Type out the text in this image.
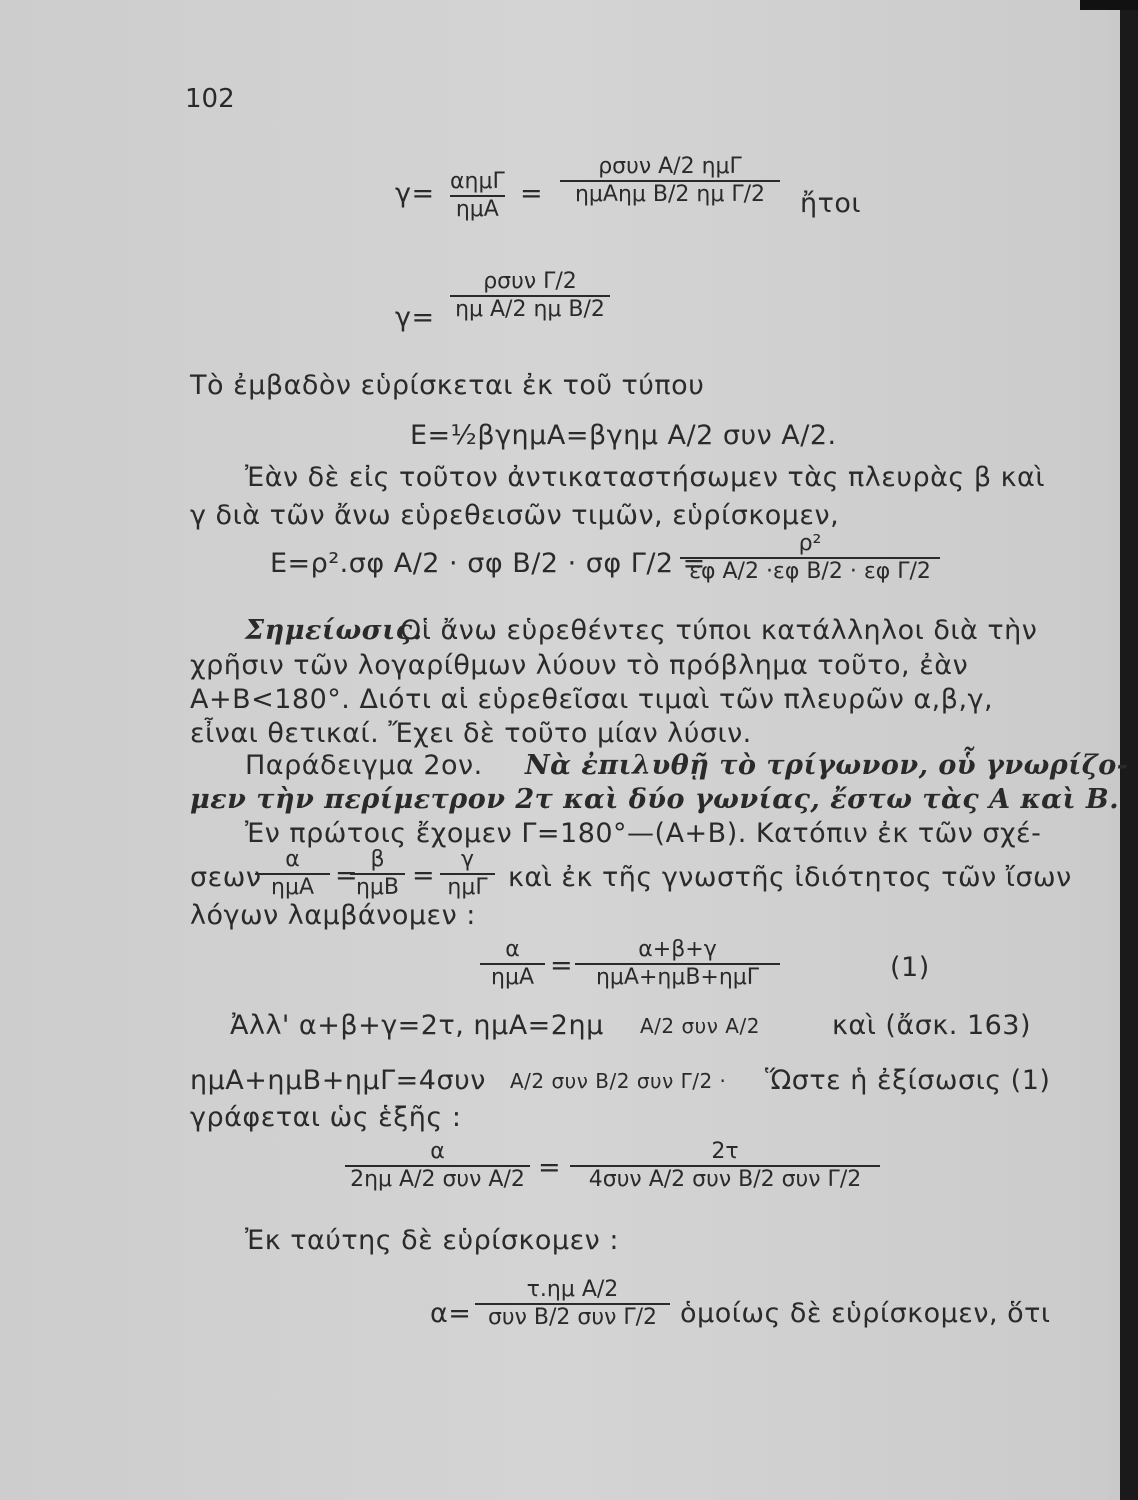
102
γ= αημΓ
ημΑ
=
ρσυν A/2 ημΓ
ημΑημ B/2 ημ Γ/2	ἤτοι
γ=
ρσυν Γ/2
ημ A/2 ημ B/2
Τὸ ἐμβαδὸν εὑρίσκεται ἐκ τοῦ τύπου
Ε=½βγημΑ=βγημ A/2 συν A/2.
Ἐὰν δὲ εἰς τοῦτον ἀντικαταστήσωμεν τὰς πλευρὰς β καὶ
γ διὰ τῶν ἄνω εὑρεθεισῶν τιμῶν, εὑρίσκομεν,
Ε=ρ².σφ A/2 · σφ B/2 · σφ Γ/2 =
ρ²
εφ A/2 ·εφ B/2 · εφ Γ/2
Σημείωσις.
Οἱ ἄνω εὑρεθέντες τύποι κατάλληλοι διὰ τὴν
χρῆσιν τῶν λογαρίθμων λύουν τὸ πρόβλημα τοῦτο, ἐὰν
Α+Β<180°. Διότι αἱ εὑρεθεῖσαι τιμαὶ τῶν πλευρῶν α,β,γ,
εἶναι θετικαί. Ἔχει δὲ τοῦτο μίαν λύσιν.
Παράδειγμα 2ον. Νὰ ἐπιλυθῇ τὸ τρίγωνον, οὗ γνωρίζο-
μεν τὴν περίμετρον 2τ καὶ δύο γωνίας, ἔστω τὰς Α καὶ Β.
Ἐν πρώτοις ἔχομεν Γ=180°—(Α+Β). Κατόπιν ἐκ τῶν σχέ-
σεων
α
ημΑ =
β
ημΒ =
γ
ημΓ καὶ ἐκ τῆς γνωστῆς ἰδιότητος τῶν ἴσων
λόγων λαμβάνομεν :
α
ημΑ =
α+β+γ
ημΑ+ημΒ+ημΓ	(1)
Ἀλλ' α+β+γ=2τ, ημΑ=2ημ A/2 συν A/2	καὶ (ἄσκ. 163)
ημΑ+ημΒ+ημΓ=4συν A/2 συν B/2 συν Γ/2 · Ὥστε ἡ ἐξίσωσις (1)
γράφεται ὡς ἑξῆς :
α
2ημ A/2 συν A/2 =
2τ
4συν A/2 συν B/2 συν Γ/2
Ἐκ ταύτης δὲ εὑρίσκομεν :
α=
τ.ημ A/2
συν B/2 συν Γ/2 ὁμοίως δὲ εὑρίσκομεν, ὅτι
